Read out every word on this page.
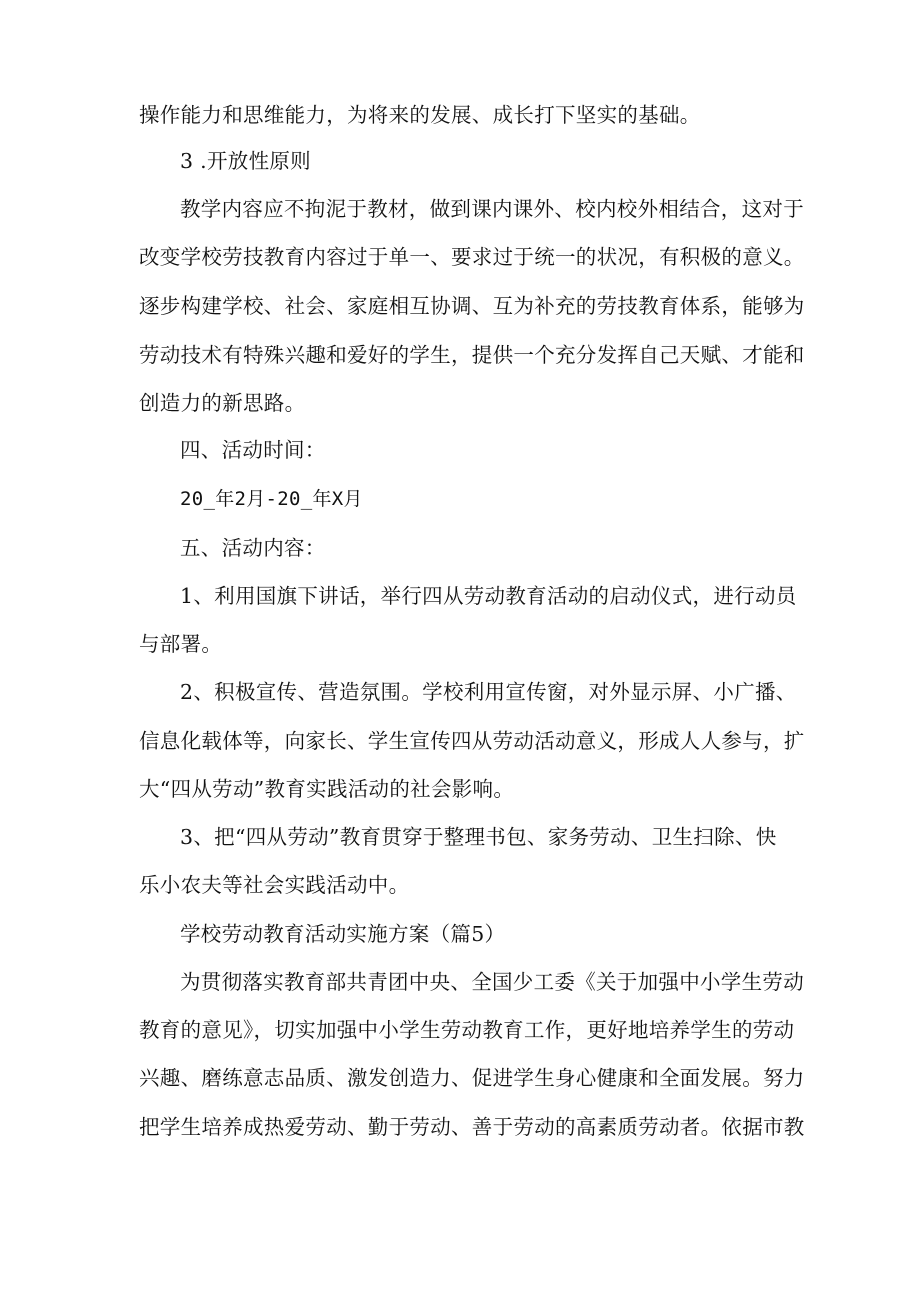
操作能力和思维能力，为将来的发展、成长打下坚实的基础。
3 .开放性原则
教学内容应不拘泥于教材，做到课内课外、校内校外相结合，这对于
改变学校劳技教育内容过于单一、要求过于统一的状况，有积极的意义。
逐步构建学校、社会、家庭相互协调、互为补充的劳技教育体系，能够为
劳动技术有特殊兴趣和爱好的学生，提供一个充分发挥自己天赋、才能和
创造力的新思路。
四、活动时间：
20_年2月-20_年X月
五、活动内容：
1、利用国旗下讲话，举行四从劳动教育活动的启动仪式，进行动员
与部署。
2、积极宣传、营造氛围。学校利用宣传窗，对外显示屏、小广播、
信息化载体等，向家长、学生宣传四从劳动活动意义，形成人人参与，扩
大“四从劳动”教育实践活动的社会影响。
3、把“四从劳动”教育贯穿于整理书包、家务劳动、卫生扫除、快
乐小农夫等社会实践活动中。
学校劳动教育活动实施方案（篇5）
为贯彻落实教育部共青团中央、全国少工委《关于加强中小学生劳动
教育的意见》，切实加强中小学生劳动教育工作，更好地培养学生的劳动
兴趣、磨练意志品质、激发创造力、促进学生身心健康和全面发展。努力
把学生培养成热爱劳动、勤于劳动、善于劳动的高素质劳动者。依据市教
